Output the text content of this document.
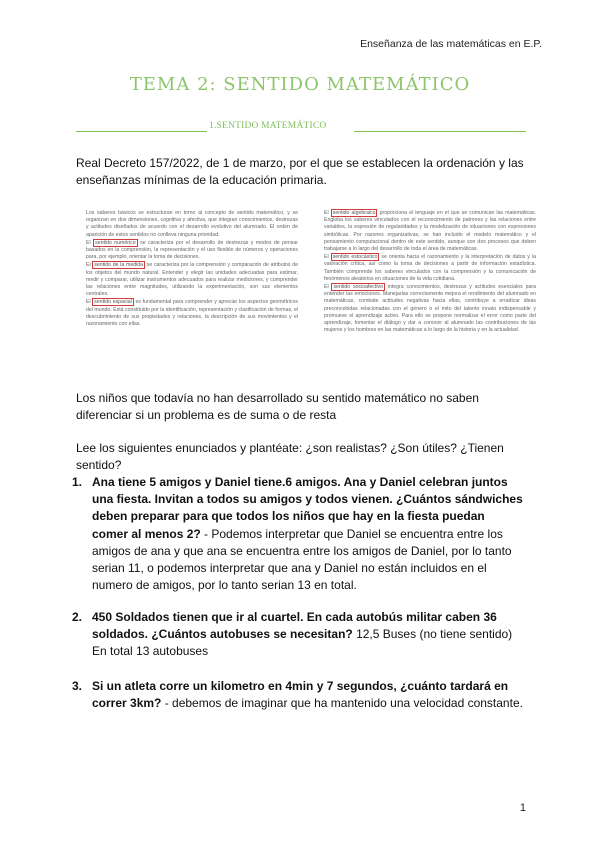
Enseñanza de las matemáticas en E.P.
TEMA 2: SENTIDO MATEMÁTICO
1.SENTIDO MATEMÁTICO
Real Decreto 157/2022, de 1 de marzo, por el que se establecen la ordenación y las enseñanzas mínimas de la educación primaria.

Los saberes básicos se estructuran en torno al concepto de sentido matemático, y se organizan en dos dimensiones, cognitiva y afectiva, que integran conocimientos, destrezas y actitudes diseñados de acuerdo con el desarrollo evolutivo del alumnado. El orden de aparición de estos sentidos no conlleva ninguna prioridad.

El sentido numérico se caracteriza por el desarrollo de destrezas y modos de pensar basados en la comprensión, la representación y el uso flexible de números y operaciones para, por ejemplo, orientar la toma de decisiones.

El sentido de la medida se caracteriza por la comprensión y comparación de atributos de los objetos del mundo natural. Entender y elegir las unidades adecuadas para estimar, medir y comparar, utilizar instrumentos adecuados para realizar mediciones, y comprender las relaciones entre magnitudes, utilizando la experimentación, son sus elementos centrales.

El sentido espacial es fundamental para comprender y apreciar los aspectos geométricos del mundo. Está constituido por la identificación, representación y clasificación de formas, el descubrimiento de sus propiedades y relaciones, la descripción de sus movimientos y el razonamiento con ellas.

El sentido algebraico proporciona el lenguaje en el que se comunican las matemáticas. Engloba los saberes vinculados con el reconocimiento de patrones y las relaciones entre variables, la expresión de regularidades y la modelización de situaciones con expresiones simbólicas. Por razones organizativas, se han incluido el modelo matemático y el pensamiento computacional dentro de este sentido, aunque son dos procesos que deben trabajarse a lo largo del desarrollo de toda el área de matemáticas.

El sentido estocástico se orienta hacia el razonamiento y la interpretación de datos y la valoración crítica, así como la toma de decisiones a partir de información estadística. También comprende los saberes vinculados con la comprensión y la comunicación de fenómenos aleatorios en situaciones de la vida cotidiana.

El sentido socioafectivo integra conocimientos, destrezas y actitudes esenciales para entender las emociones. Manejarlas correctamente mejora el rendimiento del alumnado en matemáticas, combate actitudes negativas hacia ellas, contribuye a erradicar ideas preconcebidas relacionadas con el género o el mito del talento innato indispensable y promueve el aprendizaje activo. Para ello se propone normalizar el error como parte del aprendizaje, fomentar el diálogo y dar a conocer al alumnado las contribuciones de las mujeres y los hombres en las matemáticas a lo largo de la historia y en la actualidad.

Los niños que todavía no han desarrollado su sentido matemático no saben diferenciar si un problema es de suma o de resta
Lee los siguientes enunciados y plantéate: ¿son realistas? ¿Son útiles? ¿Tienen sentido?
1. Ana tiene 5 amigos y Daniel tiene.6 amigos. Ana y Daniel celebran juntos una fiesta. Invitan a todos su amigos y todos vienen. ¿Cuántos sándwiches deben preparar para que todos los niños que hay en la fiesta puedan comer al menos 2? - Podemos interpretar que Daniel se encuentra entre los amigos de ana y que ana se encuentra entre los amigos de Daniel, por lo tanto serian 11, o podemos interpretar que ana y Daniel no están incluidos en el numero de amigos, por lo tanto serian 13 en total.
2. 450 Soldados tienen que ir al cuartel. En cada autobús militar caben 36 soldados. ¿Cuántos autobuses se necesitan? 12,5 Buses (no tiene sentido) En total 13 autobuses
3. Si un atleta corre un kilometro en 4min y 7 segundos, ¿cuánto tardará en correr 3km? - debemos de imaginar que ha mantenido una velocidad constante.
1
